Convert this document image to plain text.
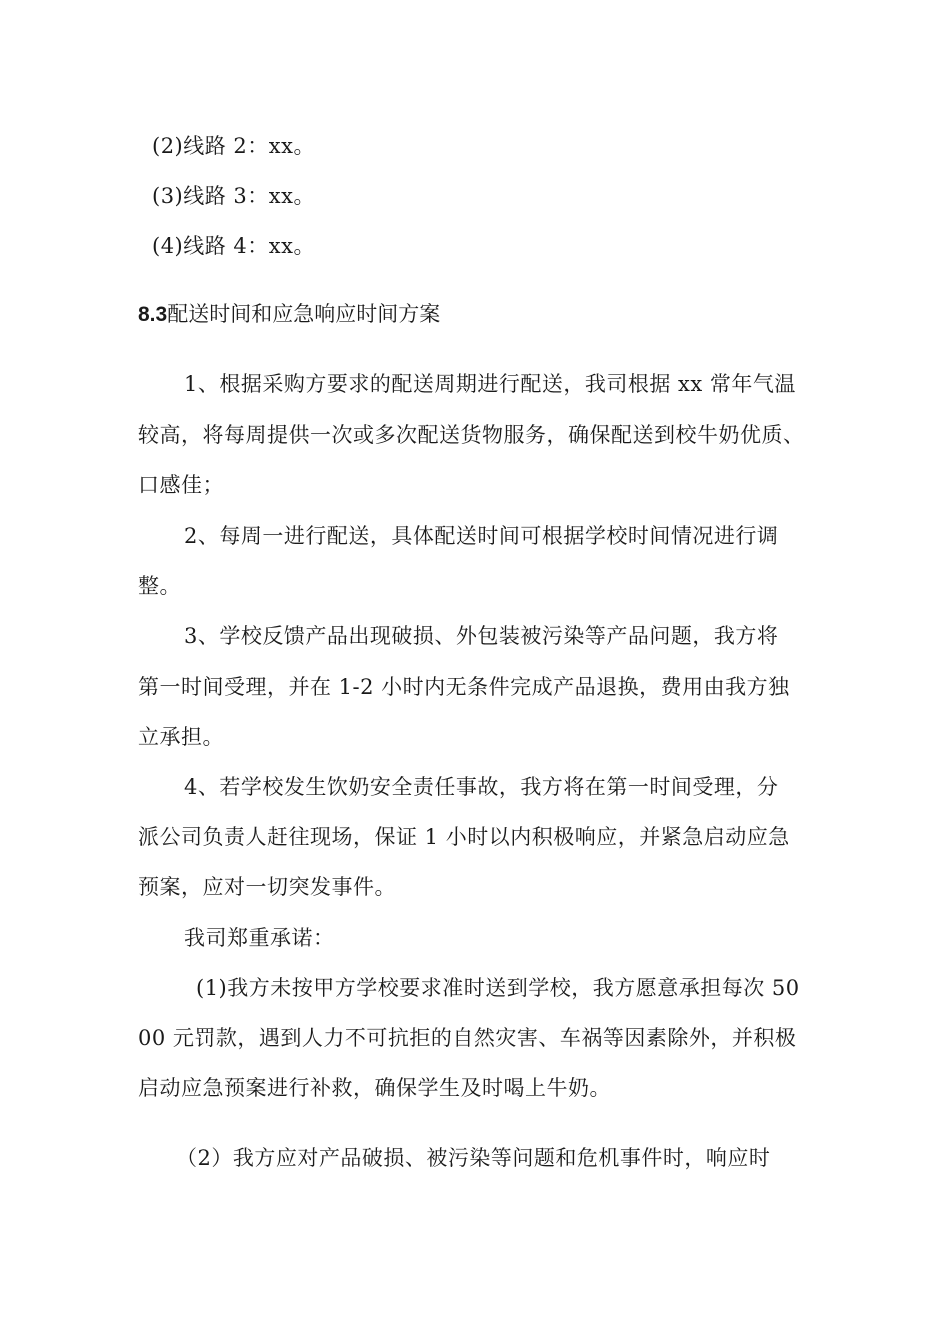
(2)线路 2：xx。
(3)线路 3：xx。
(4)线路 4：xx。
8.3配送时间和应急响应时间方案
1、根据采购方要求的配送周期进行配送，我司根据 xx 常年气温
较高，将每周提供一次或多次配送货物服务，确保配送到校牛奶优质、
口感佳；
2、每周一进行配送，具体配送时间可根据学校时间情况进行调
整。
3、学校反馈产品出现破损、外包装被污染等产品问题，我方将
第一时间受理，并在 1-2 小时内无条件完成产品退换，费用由我方独
立承担。
4、若学校发生饮奶安全责任事故，我方将在第一时间受理，分
派公司负责人赶往现场，保证 1 小时以内积极响应，并紧急启动应急
预案，应对一切突发事件。
我司郑重承诺：
(1)我方未按甲方学校要求准时送到学校，我方愿意承担每次 50
00 元罚款，遇到人力不可抗拒的自然灾害、车祸等因素除外，并积极
启动应急预案进行补救，确保学生及时喝上牛奶。
（2）我方应对产品破损、被污染等问题和危机事件时，响应时
